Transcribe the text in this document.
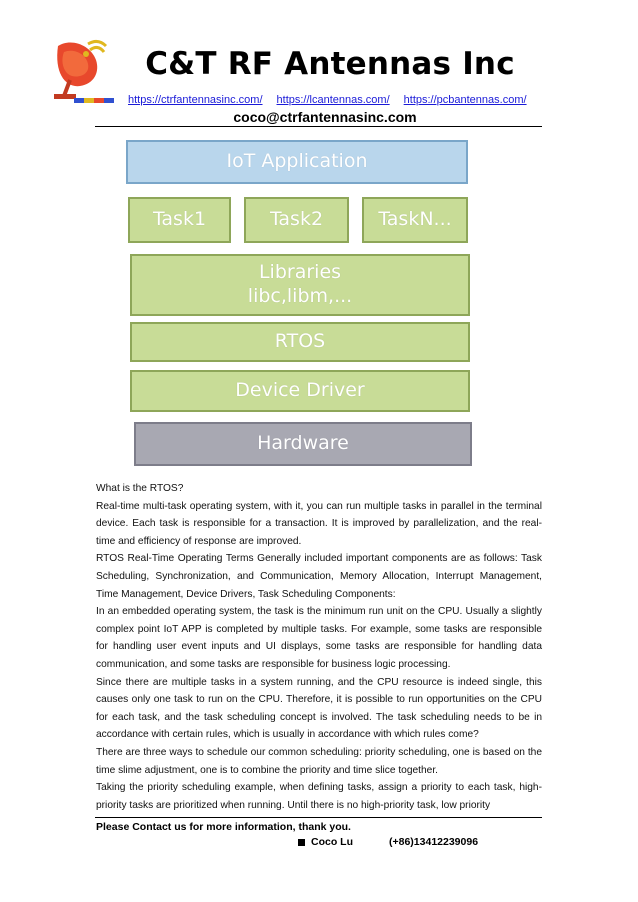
C&T RF Antennas Inc
https://ctrfantennasinc.com/ https://lcantennas.com/ https://pcbantennas.com/
coco@ctrfantennasinc.com
IoT Application
Task1	Task2	TaskN...
Libraries
libc,libm,...
RTOS
Device Driver
Hardware

What is the RTOS?

Real-time multi-task operating system, with it, you can run multiple tasks in parallel in the terminal device. Each task is responsible for a transaction. It is improved by parallelization, and the real-time and efficiency of response are improved.

RTOS Real-Time Operating Terms Generally included important components are as follows: Task Scheduling, Synchronization, and Communication, Memory Allocation, Interrupt Management, Time Management, Device Drivers, Task Scheduling Components:

In an embedded operating system, the task is the minimum run unit on the CPU. Usually a slightly complex point IoT APP is completed by multiple tasks. For example, some tasks are responsible for handling user event inputs and UI displays, some tasks are responsible for handling data communication, and some tasks are responsible for business logic processing.

Since there are multiple tasks in a system running, and the CPU resource is indeed single, this causes only one task to run on the CPU. Therefore, it is possible to run opportunities on the CPU for each task, and the task scheduling concept is involved. The task scheduling needs to be in accordance with certain rules, which is usually in accordance with which rules come?

There are three ways to schedule our common scheduling: priority scheduling, one is based on the time slime adjustment, one is to combine the priority and time slice together.

Taking the priority scheduling example, when defining tasks, assign a priority to each task, high-priority tasks are prioritized when running. Until there is no high-priority task, low priority

Please Contact us for more information, thank you.
Coco Lu	(+86)13412239096
